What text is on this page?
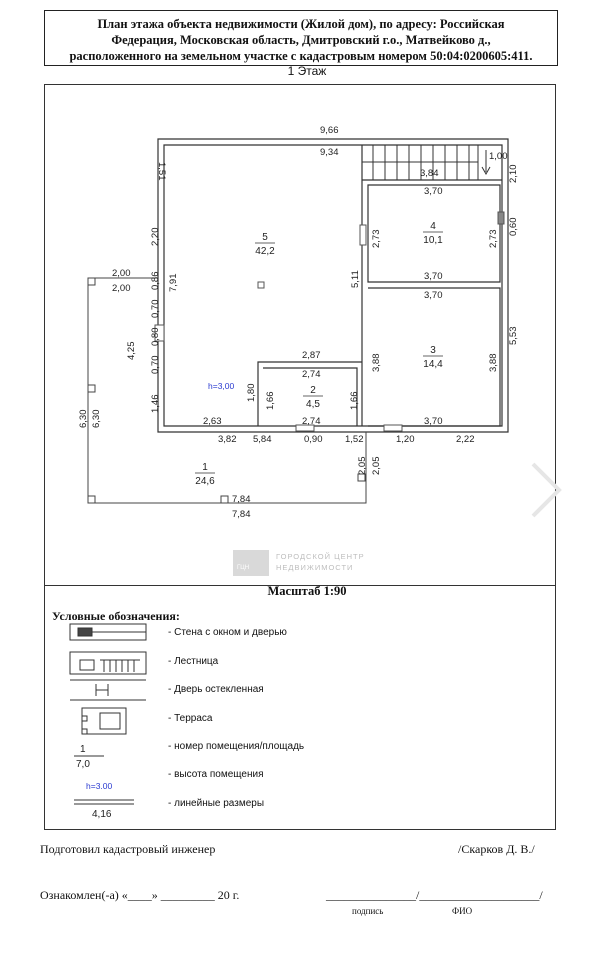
План этажа объекта недвижимости (Жилой дом), по адресу: Российская
Федерация, Московская область, Дмитровский г.о., Матвейково д.,
расположенного на земельном участке с кадастровым номером 50:04:0200605:411.
1 Этаж
9,66
9,34
3,84
1,00
3,70
3,70
3,70
3,70
2,87
2,74
2,74
2,63
3,82 5,84	0,90 1,52	1,20	2,22
2,00
2,00
7,84
7,84
1,51
2,20
0,86 7,91
0,70
0,80
0,70
4,25
1,46
6,30 6,30
2,10
2,73	2,73
0,60
5,11
3,88	3,88
5,53
1,80 1,66	1,66
2,05 2,05
5
42,2
4
10,1
3
14,4
2
4,5
1
24,6
h=3,00
ГЦН
ГОРОДСКОЙ ЦЕНТР
НЕДВИЖИМОСТИ
Масштаб 1:90
Условные обозначения:
1
7,0
h=3.00
4,16
- Стена с окном и дверью
- Лестница
- Дверь остекленная
- Терраса
- номер помещения/площадь
- высота помещения
- линейные размеры
Подготовил кадастровый инженер	/Скарков Д. В./
Ознакомлен(-а) «____» _________ 20 г.	_______________/____________________/
подпись	ФИО
